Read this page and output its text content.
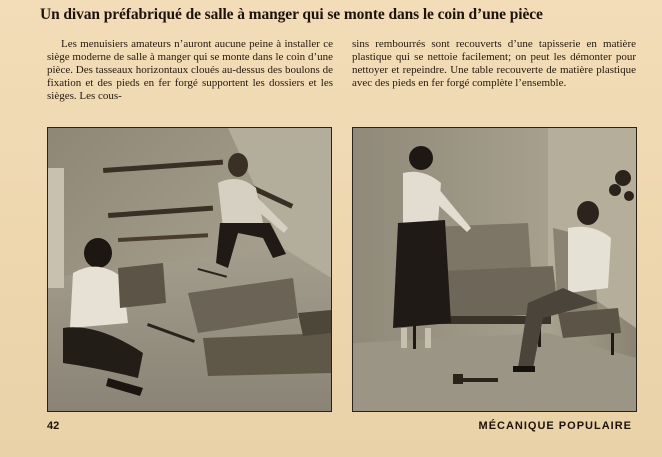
Un divan préfabriqué de salle à manger qui se monte dans le coin d’une pièce
Les menuisiers amateurs n’auront aucune peine à installer ce siège moderne de salle à manger qui se monte dans le coin d’une pièce. Des tasseaux horizontaux cloués au-dessus des boulons de fixation et des pieds en fer forgé supportent les dossiers et les sièges. Les cous-
sins rembourrés sont recouverts d’une tapisserie en matière plastique qui se nettoie facilement; on peut les démonter pour nettoyer et repeindre. Une table recouverte de matière plastique avec des pieds en fer forgé complète l’ensemble.
42	MÉCANIQUE POPULAIRE
